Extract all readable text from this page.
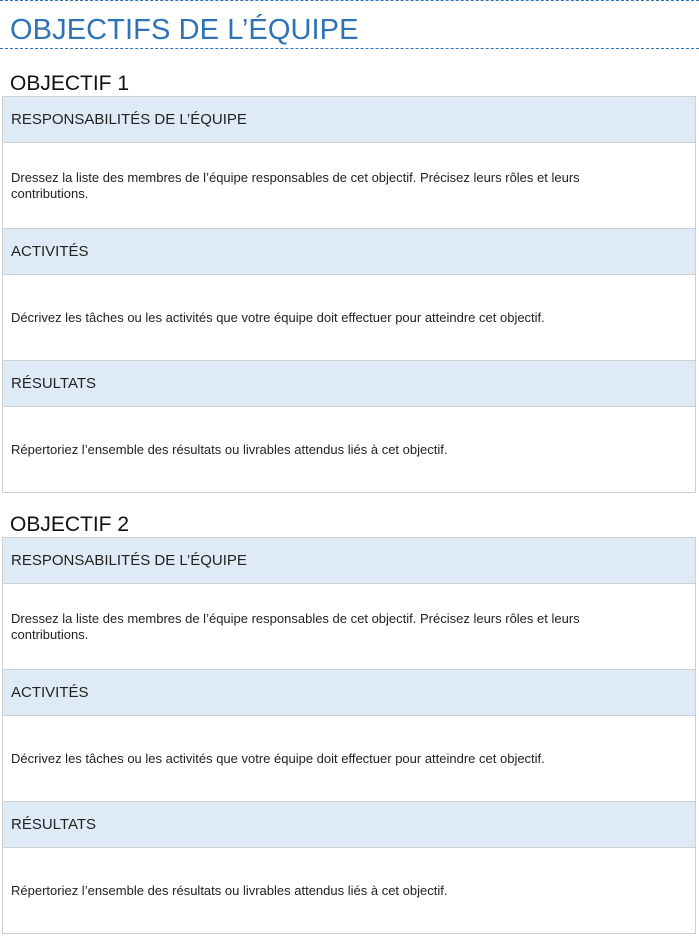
OBJECTIFS DE L’ÉQUIPE
OBJECTIF 1
RESPONSABILITÉS DE L’ÉQUIPE
Dressez la liste des membres de l’équipe responsables de cet objectif. Précisez leurs rôles et leurs contributions.
ACTIVITÉS
Décrivez les tâches ou les activités que votre équipe doit effectuer pour atteindre cet objectif.
RÉSULTATS
Répertoriez l’ensemble des résultats ou livrables attendus liés à cet objectif.
OBJECTIF 2
RESPONSABILITÉS DE L’ÉQUIPE
Dressez la liste des membres de l’équipe responsables de cet objectif. Précisez leurs rôles et leurs contributions.
ACTIVITÉS
Décrivez les tâches ou les activités que votre équipe doit effectuer pour atteindre cet objectif.
RÉSULTATS
Répertoriez l’ensemble des résultats ou livrables attendus liés à cet objectif.
